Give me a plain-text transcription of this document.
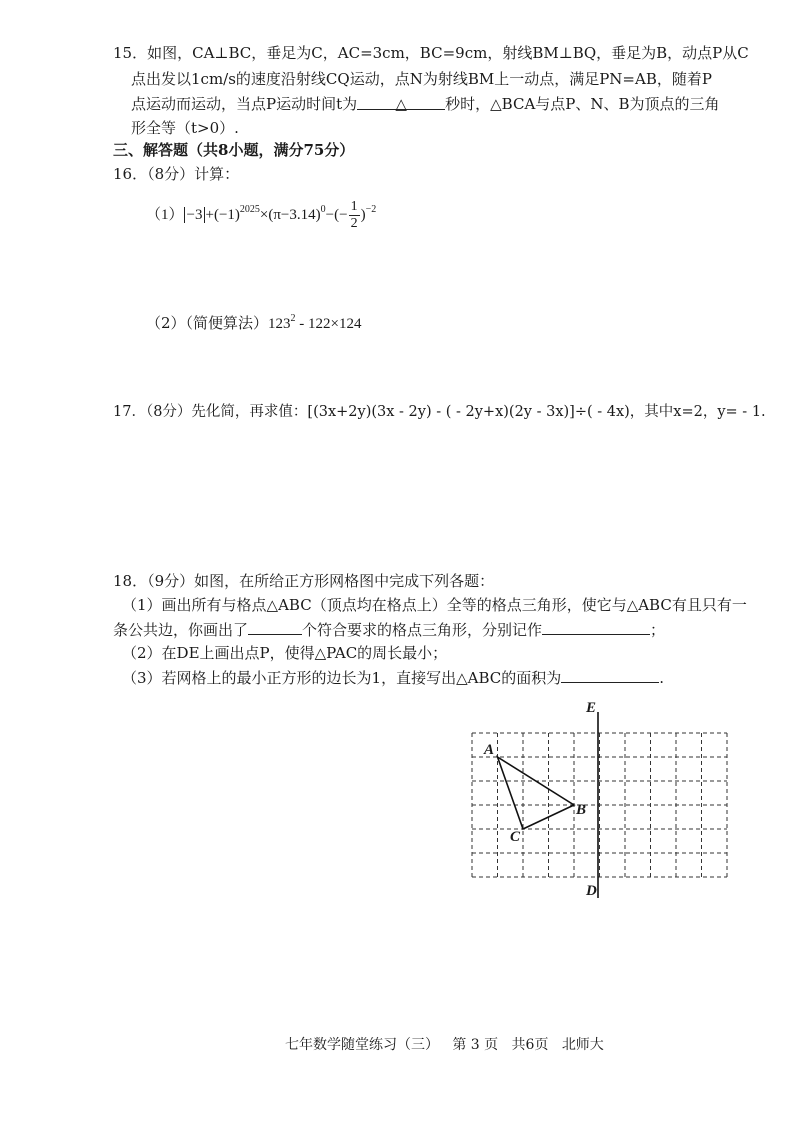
15．如图，CA⊥BC，垂足为C，AC=3cm，BC=9cm，射线BM⊥BQ，垂足为B，动点P从C
点出发以1cm/s的速度沿射线CQ运动，点N为射线BM上一动点，满足PN=AB，随着P
点运动而运动，当点P运动时间t为	△	秒时，△BCA与点P、N、B为顶点的三角
形全等（t>0）.
三、解答题（共8小题，满分75分）
16．（8分）计算：
$(1) -3 +(-1)^{2025}\times(\pi-3.14)^0-(- \frac{1}{2} )^{-2}$
（2）（简便算法）$123^2 - 122\times 124$
17．（8分）先化简，再求值：[(3x+2y)(3x - 2y) - ( - 2y+x)(2y - 3x)]÷( - 4x)，其中x=2，y= - 1.
18．（9分）如图，在所给正方形网格图中完成下列各题：
（1）画出所有与格点△ABC（顶点均在格点上）全等的格点三角形，使它与△ABC有且只有一
条公共边，你画出了	个符合要求的格点三角形，分别记作	；
（2）在DE上画出点P，使得△PAC的周长最小；
（3）若网格上的最小正方形的边长为1，直接写出△ABC的面积为	.
E
D
A
B
C
七年数学随堂练习（三） 第 3 页 共6页 北师大
